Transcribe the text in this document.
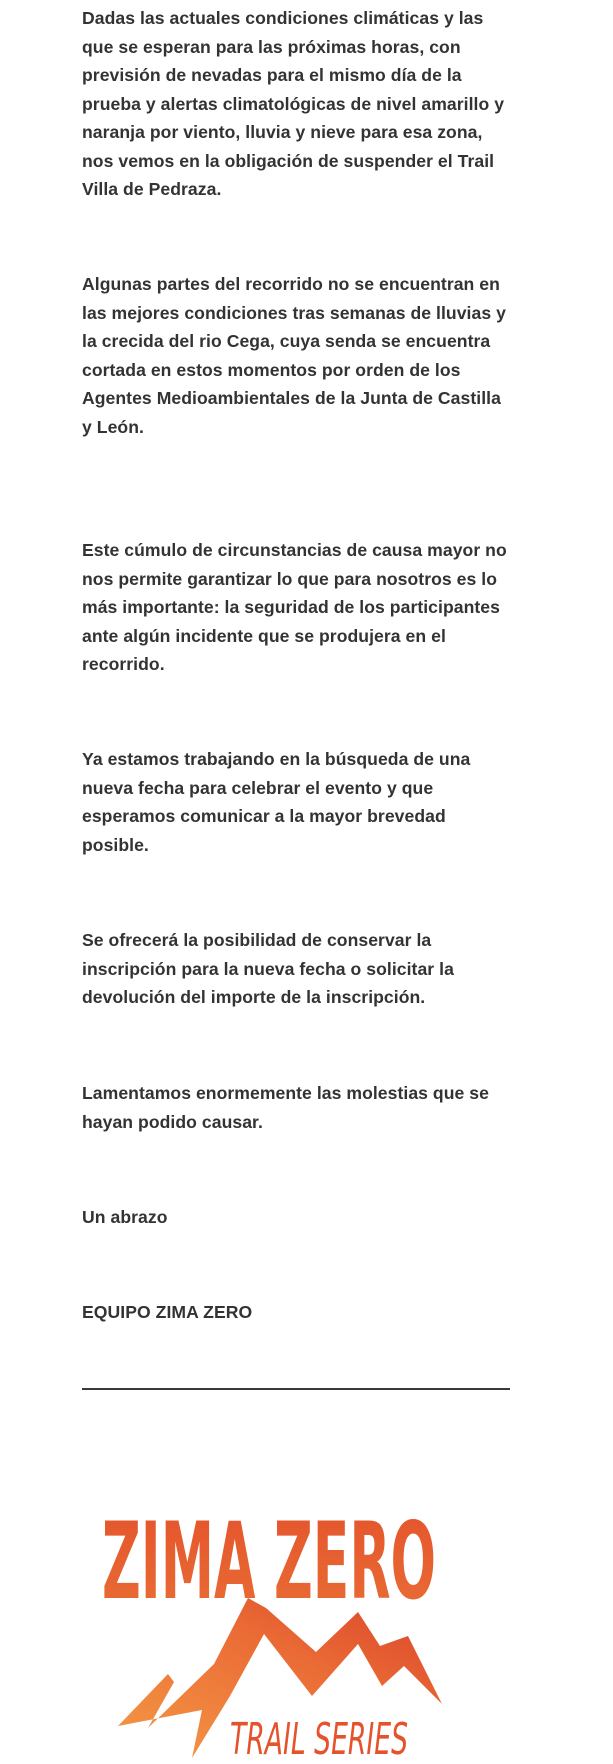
Dadas las actuales condiciones climáticas y las que se esperan para las próximas horas, con previsión de nevadas para el mismo día de la prueba y alertas climatológicas de nivel amarillo y naranja por viento, lluvia y nieve para esa zona, nos vemos en la obligación de suspender el Trail Villa de Pedraza.

Algunas partes del recorrido no se encuentran en las mejores condiciones tras semanas de lluvias y la crecida del rio Cega, cuya senda se encuentra cortada en estos momentos por orden de los Agentes Medioambientales de la Junta de Castilla y León.

Este cúmulo de circunstancias de causa mayor no nos permite garantizar lo que para nosotros es lo más importante: la seguridad de los participantes ante algún incidente que se produjera en el recorrido.

Ya estamos trabajando en la búsqueda de una nueva fecha para celebrar el evento y que esperamos comunicar a la mayor brevedad posible.

Se ofrecerá la posibilidad de conservar la inscripción para la nueva fecha o solicitar la devolución del importe de la inscripción.

Lamentamos enormemente las molestias que se hayan podido causar.

Un abrazo

EQUIPO ZIMA ZERO

ZIMA ZERO
TRAIL SERIES
